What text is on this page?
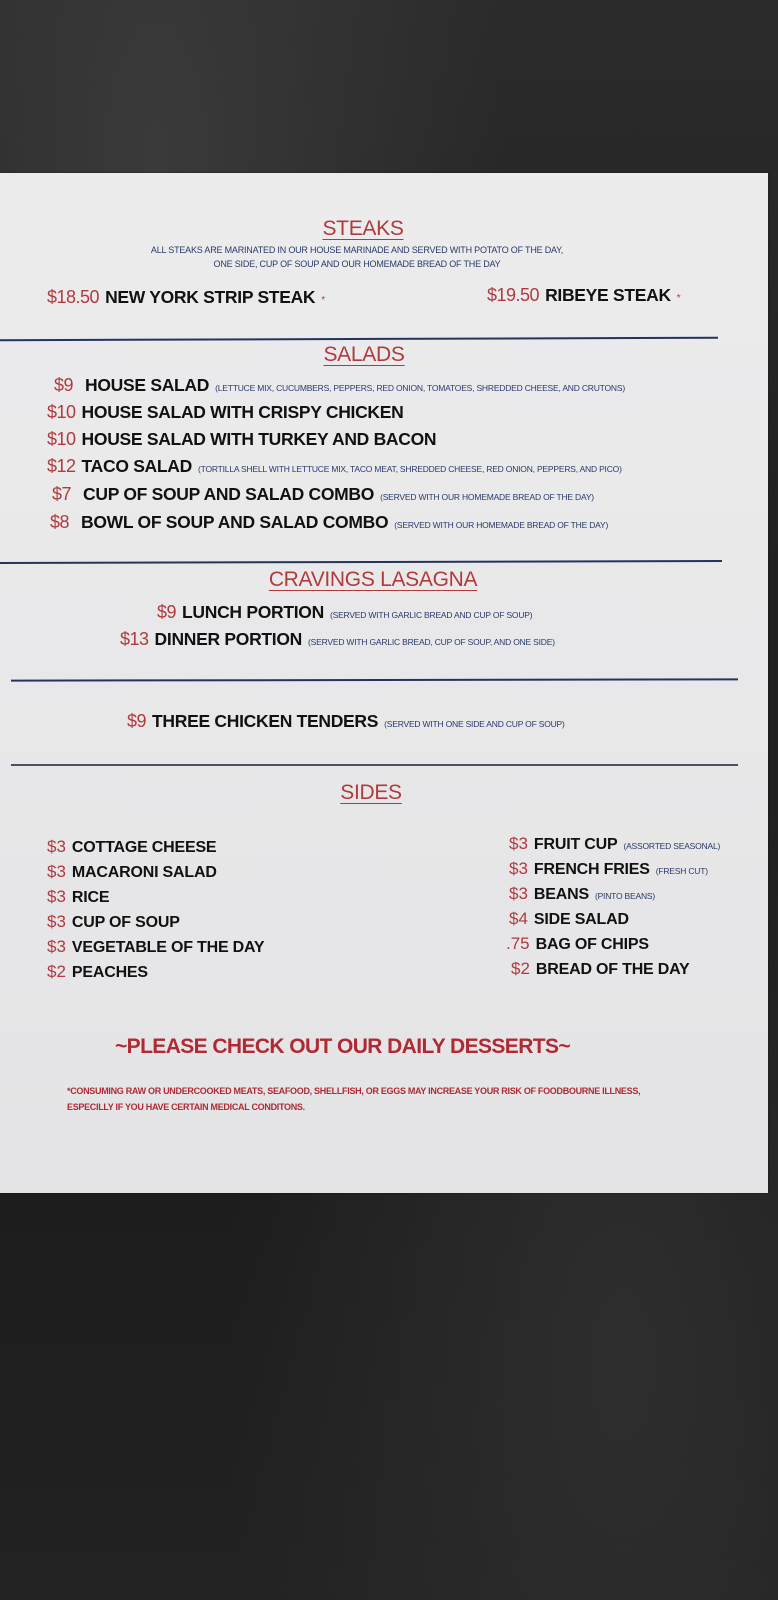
STEAKS
ALL STEAKS ARE MARINATED IN OUR HOUSE MARINADE AND SERVED WITH POTATO OF THE DAY,
ONE SIDE, CUP OF SOUP AND OUR HOMEMADE BREAD OF THE DAY
$18.50 NEW YORK STRIP STEAK *	$19.50 RIBEYE STEAK *
SALADS
$9 HOUSE SALAD (LETTUCE MIX, CUCUMBERS, PEPPERS, RED ONION, TOMATOES, SHREDDED CHEESE, AND CRUTONS)
$10 HOUSE SALAD WITH CRISPY CHICKEN
$10 HOUSE SALAD WITH TURKEY AND BACON
$12 TACO SALAD (TORTILLA SHELL WITH LETTUCE MIX, TACO MEAT, SHREDDED CHEESE, RED ONION, PEPPERS, AND PICO)
$7 CUP OF SOUP AND SALAD COMBO (SERVED WITH OUR HOMEMADE BREAD OF THE DAY)
$8 BOWL OF SOUP AND SALAD COMBO (SERVED WITH OUR HOMEMADE BREAD OF THE DAY)
CRAVINGS LASAGNA
$9 LUNCH PORTION (SERVED WITH GARLIC BREAD AND CUP OF SOUP)
$13 DINNER PORTION (SERVED WITH GARLIC BREAD, CUP OF SOUP, AND ONE SIDE)
$9 THREE CHICKEN TENDERS (SERVED WITH ONE SIDE AND CUP OF SOUP)
SIDES
$3 COTTAGE CHEESE
$3 MACARONI SALAD
$3 RICE
$3 CUP OF SOUP
$3 VEGETABLE OF THE DAY
$2 PEACHES
$3 FRUIT CUP (ASSORTED SEASONAL)
$3 FRENCH FRIES (FRESH CUT)
$3 BEANS (PINTO BEANS)
$4 SIDE SALAD
.75 BAG OF CHIPS
$2 BREAD OF THE DAY
~PLEASE CHECK OUT OUR DAILY DESSERTS~
*CONSUMING RAW OR UNDERCOOKED MEATS, SEAFOOD, SHELLFISH, OR EGGS MAY INCREASE YOUR RISK OF FOODBOURNE ILLNESS,
ESPECILLY IF YOU HAVE CERTAIN MEDICAL CONDITONS.
